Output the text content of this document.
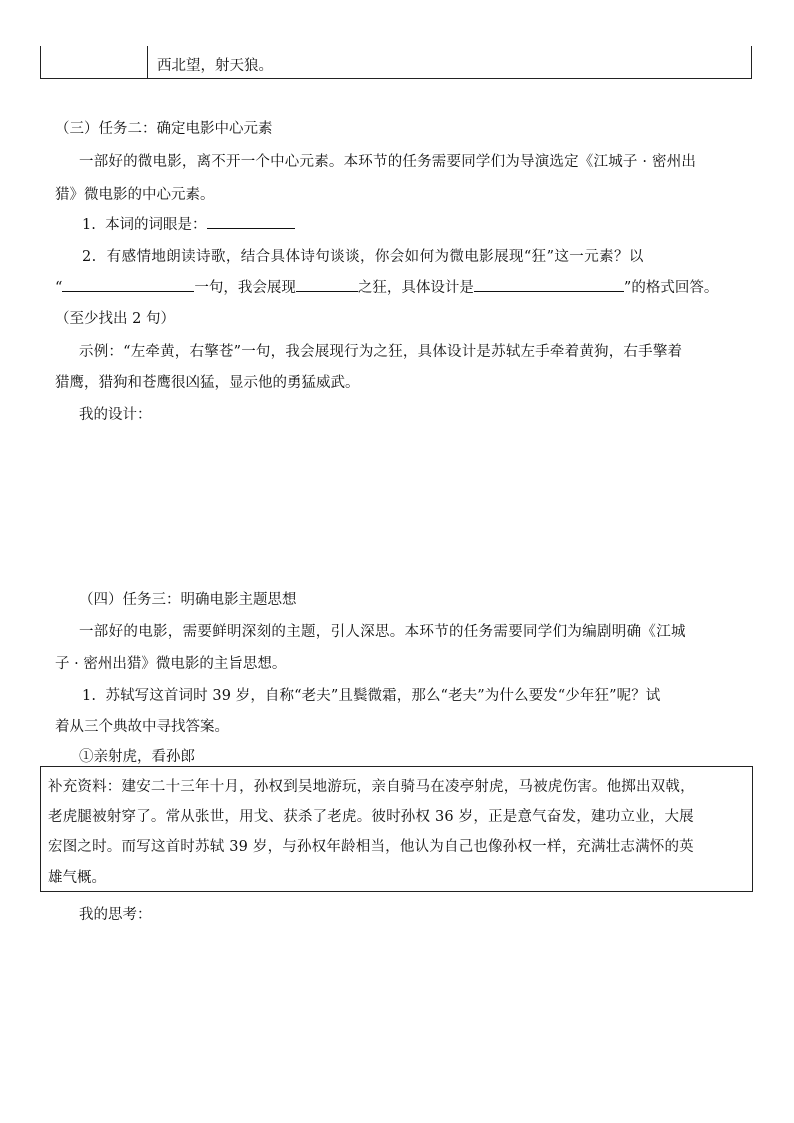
西北望，射天狼。
（三）任务二：确定电影中心元素
一部好的微电影，离不开一个中心元素。本环节的任务需要同学们为导演选定《江城子 · 密州出
猎》微电影的中心元素。
1. 本词的词眼是：
2. 有感情地朗读诗歌，结合具体诗句谈谈，你会如何为微电影展现“狂”这一元素？以
“	一句，我会展现	之狂，具体设计是	”的格式回答。
（至少找出 2 句）
示例：“左牵黄，右擎苍”一句，我会展现行为之狂，具体设计是苏轼左手牵着黄狗，右手擎着
猎鹰，猎狗和苍鹰很凶猛，显示他的勇猛威武。
我的设计：
（四）任务三：明确电影主题思想
一部好的电影，需要鲜明深刻的主题，引人深思。本环节的任务需要同学们为编剧明确《江城
子 · 密州出猎》微电影的主旨思想。
1. 苏轼写这首词时 39 岁，自称“老夫”且鬓微霜，那么“老夫”为什么要发“少年狂”呢？试
着从三个典故中寻找答案。
①亲射虎，看孙郎
补充资料：建安二十三年十月，孙权到吴地游玩，亲自骑马在凌亭射虎，马被虎伤害。他掷出双戟，
老虎腿被射穿了。常从张世，用戈、获杀了老虎。彼时孙权 36 岁，正是意气奋发，建功立业，大展
宏图之时。而写这首时苏轼 39 岁，与孙权年龄相当，他认为自己也像孙权一样，充满壮志满怀的英
雄气概。
我的思考：
